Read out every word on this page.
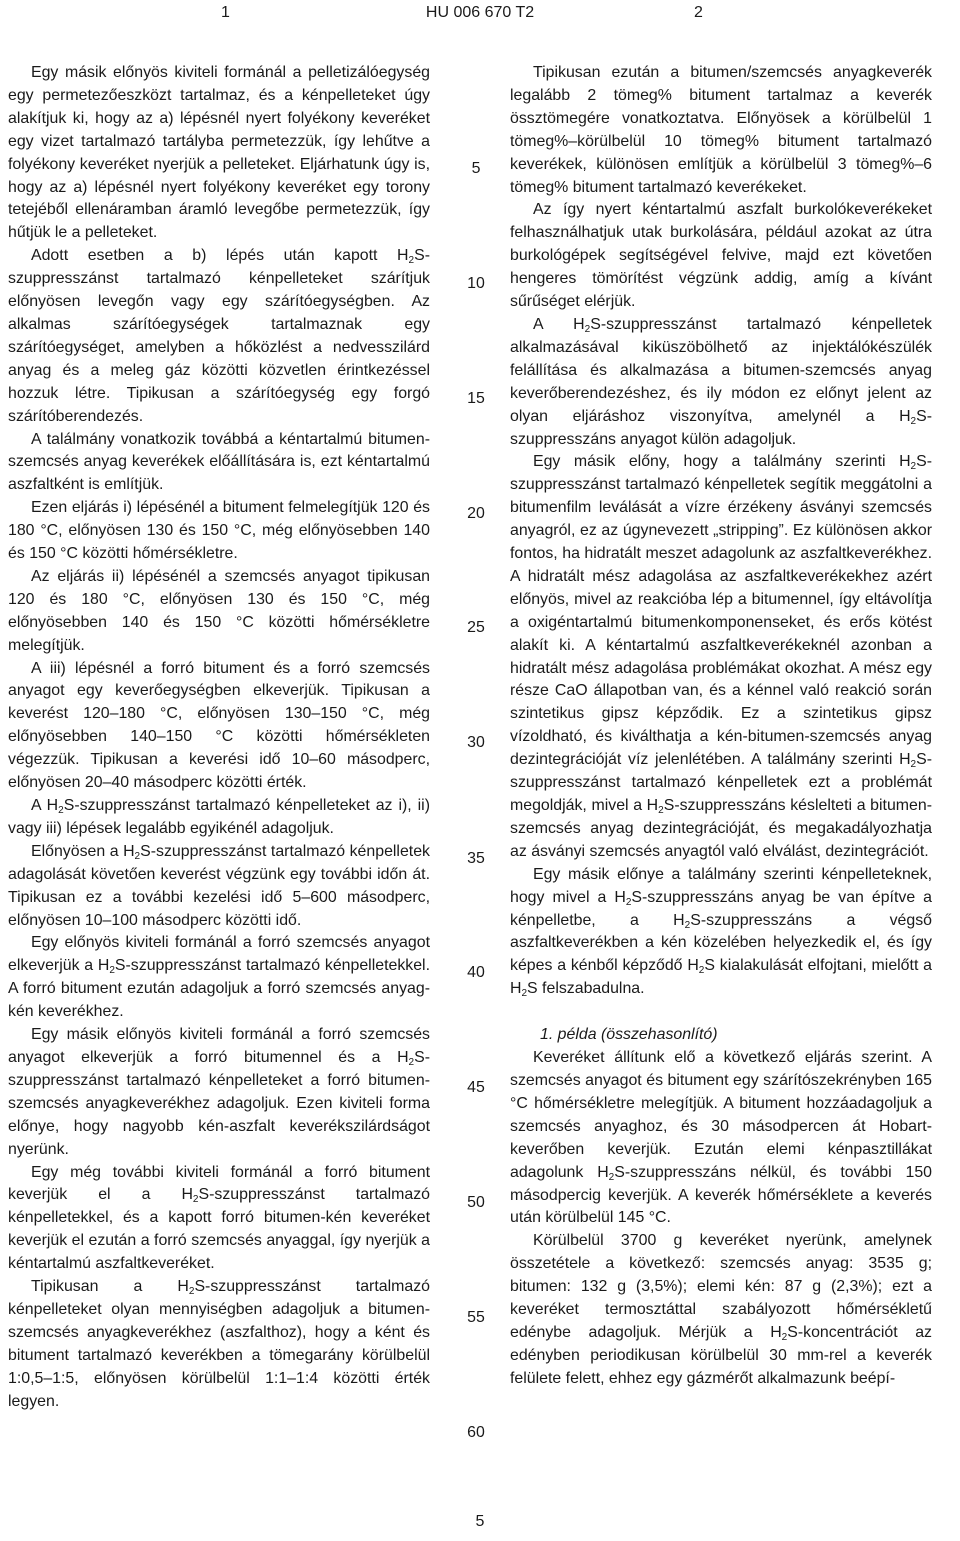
1	HU 006 670 T2	2

Egy másik előnyös kiviteli formánál a pelletizálóegység egy permetezőeszközt tartalmaz, és a kénpelleteket úgy alakítjuk ki, hogy az a) lépésnél nyert folyékony keveréket egy vizet tartalmazó tartályba permetezzük, így lehűtve a folyékony keveréket nyerjük a pelleteket. Eljárhatunk úgy is, hogy az a) lépésnél nyert folyékony keveréket egy torony tetejéből ellenáramban áramló levegőbe permetezzük, így hűtjük le a pelleteket.

Adott esetben a b) lépés után kapott $H_2S$-szuppresszánst tartalmazó kénpelleteket szárítjuk előnyösen levegőn vagy egy szárítóegységben. Az alkalmas szárítóegységek tartalmaznak egy szárítóegységet, amelyben a hőközlést a nedvesszilárd anyag és a meleg gáz közötti közvetlen érintkezéssel hozzuk létre. Tipikusan a szárítóegység egy forgó szárítóberendezés.

A találmány vonatkozik továbbá a kéntartalmú bitumen-szemcsés anyag keverékek előállítására is, ezt kéntartalmú aszfaltként is említjük.

Ezen eljárás i) lépésénél a bitument felmelegítjük 120 és 180 °C, előnyösen 130 és 150 °C, még előnyösebben 140 és 150 °C közötti hőmérsékletre.

Az eljárás ii) lépésénél a szemcsés anyagot tipikusan 120 és 180 °C, előnyösen 130 és 150 °C, még előnyösebben 140 és 150 °C közötti hőmérsékletre melegítjük.

A iii) lépésnél a forró bitument és a forró szemcsés anyagot egy keverőegységben elkeverjük. Tipikusan a keverést 120–180 °C, előnyösen 130–150 °C, még előnyösebben 140–150 °C közötti hőmérsékleten végezzük. Tipikusan a keverési idő 10–60 másodperc, előnyösen 20–40 másodperc közötti érték.

A $H_2S$-szuppresszánst tartalmazó kénpelleteket az i), ii) vagy iii) lépések legalább egyikénél adagoljuk.

Előnyösen a $H_2S$-szuppresszánst tartalmazó kénpelletek adagolását követően keverést végzünk egy további időn át. Tipikusan ez a további kezelési idő 5–600 másodperc, előnyösen 10–100 másodperc közötti idő.

Egy előnyös kiviteli formánál a forró szemcsés anyagot elkeverjük a $H_2S$-szuppresszánst tartalmazó kénpelletekkel. A forró bitument ezután adagoljuk a forró szemcsés anyag-kén keverékhez.

Egy másik előnyös kiviteli formánál a forró szemcsés anyagot elkeverjük a forró bitumennel és a $H_2S$-szuppresszánst tartalmazó kénpelleteket a forró bitumen-szemcsés anyagkeverékhez adagoljuk. Ezen kiviteli forma előnye, hogy nagyobb kén-aszfalt keverékszilárdságot nyerünk.

Egy még további kiviteli formánál a forró bitument keverjük el a $H_2S$-szuppresszánst tartalmazó kénpelletekkel, és a kapott forró bitumen-kén keveréket keverjük el ezután a forró szemcsés anyaggal, így nyerjük a kéntartalmú aszfaltkeveréket.

Tipikusan a $H_2S$-szuppresszánst tartalmazó kénpelleteket olyan mennyiségben adagoljuk a bitumen-szemcsés anyagkeverékhez (aszfalthoz), hogy a ként és bitument tartalmazó keverékben a tömegarány körülbelül 1:0,5–1:5, előnyösen körülbelül 1:1–1:4 közötti érték legyen.

Tipikusan ezután a bitumen/szemcsés anyagkeverék legalább 2 tömeg% bitument tartalmaz a keverék össztömegére vonatkoztatva. Előnyösek a körülbelül 1 tömeg%–körülbelül 10 tömeg% bitument tartalmazó keverékek, különösen említjük a körülbelül 3 tömeg%–6 tömeg% bitument tartalmazó keverékeket.

Az így nyert kéntartalmú aszfalt burkolókeverékeket felhasználhatjuk utak burkolására, például azokat az útra burkológépek segítségével felvive, majd ezt követően hengeres tömörítést végzünk addig, amíg a kívánt sűrűséget elérjük.

A $H_2S$-szuppresszánst tartalmazó kénpelletek alkalmazásával kiküszöbölhető az injektálókészülék felállítása és alkalmazása a bitumen-szemcsés anyag keverőberendezéshez, és ily módon ez előnyt jelent az olyan eljáráshoz viszonyítva, amelynél a $H_2S$-szuppresszáns anyagot külön adagoljuk.

Egy másik előny, hogy a találmány szerinti $H_2S$-szuppresszánst tartalmazó kénpelletek segítik meggátolni a bitumenfilm leválását a vízre érzékeny ásványi szemcsés anyagról, ez az úgynevezett „stripping”. Ez különösen akkor fontos, ha hidratált meszet adagolunk az aszfaltkeverékhez. A hidratált mész adagolása az aszfaltkeverékekhez azért előnyös, mivel az reakcióba lép a bitumennel, így eltávolítja a oxigéntartalmú bitumenkomponenseket, és erős kötést alakít ki. A kéntartalmú aszfaltkeverékeknél azonban a hidratált mész adagolása problémákat okozhat. A mész egy része CaO állapotban van, és a kénnel való reakció során szintetikus gipsz képződik. Ez a szintetikus gipsz vízoldható, és kiválthatja a kén-bitumen-szemcsés anyag dezintegrációját víz jelenlétében. A találmány szerinti $H_2S$-szuppresszánst tartalmazó kénpelletek ezt a problémát megoldják, mivel a $H_2S$-szuppresszáns késlelteti a bitumen-szemcsés anyag dezintegrációját, és megakadályozhatja az ásványi szemcsés anyagtól való elválást, dezintegrációt.

Egy másik előnye a találmány szerinti kénpelleteknek, hogy mivel a $H_2S$-szuppresszáns anyag be van építve a kénpelletbe, a $H_2S$-szuppresszáns a végső aszfaltkeverékben a kén közelében helyezkedik el, és így képes a kénből képződő $H_2S$ kialakulását elfojtani, mielőtt a $H_2S$ felszabadulna.

1. példa (összehasonlító)

Keveréket állítunk elő a következő eljárás szerint. A szemcsés anyagot és bitument egy szárítószekrényben 165 °C hőmérsékletre melegítjük. A bitument hozzáadagoljuk a szemcsés anyaghoz, és 30 másodpercen át Hobart-keverőben keverjük. Ezután elemi kénpasztillákat adagolunk $H_2S$-szuppresszáns nélkül, és további 150 másodpercig keverjük. A keverék hőmérséklete a keverés után körülbelül 145 °C.

Körülbelül 3700 g keveréket nyerünk, amelynek összetétele a következő: szemcsés anyag: 3535 g; bitumen: 132 g (3,5%); elemi kén: 87 g (2,3%); ezt a keveréket termosztáttal szabályozott hőmérsékletű edénybe adagoljuk. Mérjük a $H_2S$-koncentrációt az edényben periodikusan körülbelül 30 mm-rel a keverék felülete felett, ehhez egy gázmérőt alkalmazunk beépí-

5
10
15
20
25
30
35
40
45
50
55
60
5
